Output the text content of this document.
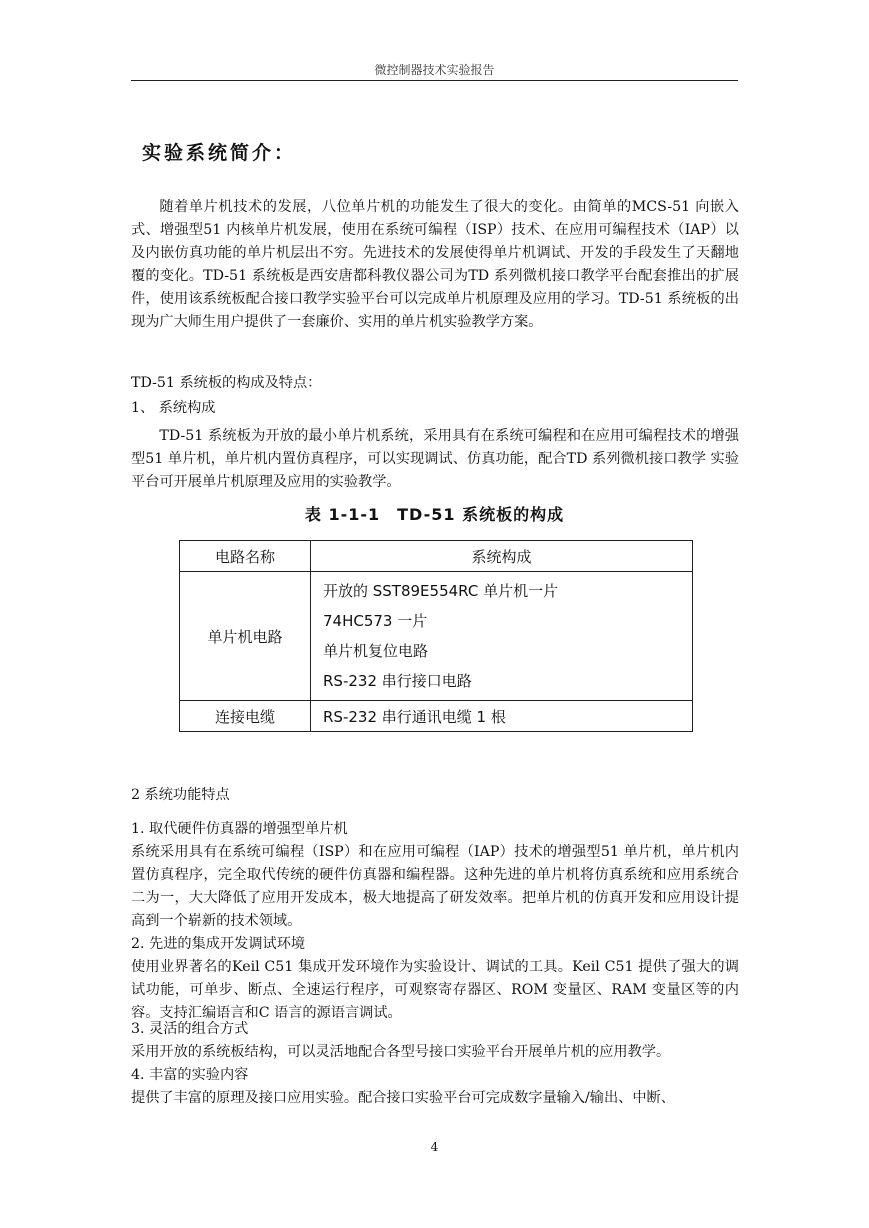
微控制器技术实验报告
实验系统简介：
随着单片机技术的发展，八位单片机的功能发生了很大的变化。由简单的MCS-51 向嵌入式、增强型51 内核单片机发展，使用在系统可编程（ISP）技术、在应用可编程技术（IAP）以及内嵌仿真功能的单片机层出不穷。先进技术的发展使得单片机调试、开发的手段发生了天翻地覆的变化。TD-51 系统板是西安唐都科教仪器公司为TD 系列微机接口教学平台配套推出的扩展件，使用该系统板配合接口教学实验平台可以完成单片机原理及应用的学习。TD-51 系统板的出现为广大师生用户提供了一套廉价、实用的单片机实验教学方案。
TD-51 系统板的构成及特点：
1、 系统构成
TD-51 系统板为开放的最小单片机系统，采用具有在系统可编程和在应用可编程技术的增强型51 单片机，单片机内置仿真程序，可以实现调试、仿真功能，配合TD 系列微机接口教学 实验平台可开展单片机原理及应用的实验教学。
表 1-1-1　TD-51 系统板的构成
电路名称	系统构成
单片机电路	开放的 SST89E554RC 单片机一片
74HC573 一片
单片机复位电路
RS-232 串行接口电路

连接电缆	RS-232 串行通讯电缆 1 根
2 系统功能特点
1. 取代硬件仿真器的增强型单片机
系统采用具有在系统可编程（ISP）和在应用可编程（IAP）技术的增强型51 单片机，单片机内置仿真程序，完全取代传统的硬件仿真器和编程器。这种先进的单片机将仿真系统和应用系统合二为一，大大降低了应用开发成本，极大地提高了研发效率。把单片机的仿真开发和应用设计提高到一个崭新的技术领域。
2. 先进的集成开发调试环境
使用业界著名的Keil C51 集成开发环境作为实验设计、调试的工具。Keil C51 提供了强大的调试功能，可单步、断点、全速运行程序，可观察寄存器区、ROM 变量区、RAM 变量区等的内容。支持汇编语言和C 语言的源语言调试。
3. 灵活的组合方式
采用开放的系统板结构，可以灵活地配合各型号接口实验平台开展单片机的应用教学。
4. 丰富的实验内容
提供了丰富的原理及接口应用实验。配合接口实验平台可完成数字量输入/输出、中断、
4
